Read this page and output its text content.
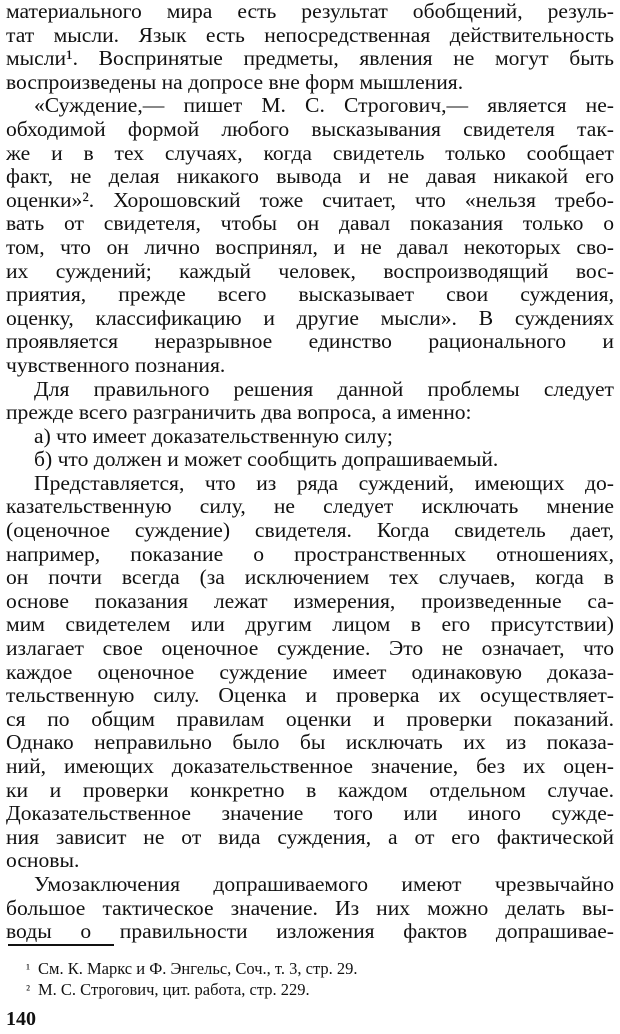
материального мира есть результат обобщений, резуль-
тат мысли. Язык есть непосредственная действительность
мысли¹. Воспринятые предметы, явления не могут быть
воспроизведены на допросе вне форм мышления.
«Суждение,— пишет М. С. Строгович,— является не-
обходимой формой любого высказывания свидетеля так-
же и в тех случаях, когда свидетель только сообщает
факт, не делая никакого вывода и не давая никакой его
оценки»². Хорошовский тоже считает, что «нельзя требо-
вать от свидетеля, чтобы он давал показания только о
том, что он лично воспринял, и не давал некоторых сво-
их суждений; каждый человек, воспроизводящий вос-
приятия, прежде всего высказывает свои суждения,
оценку, классификацию и другие мысли». В суждениях
проявляется неразрывное единство рационального и
чувственного познания.
Для правильного решения данной проблемы следует
прежде всего разграничить два вопроса, а именно:
а) что имеет доказательственную силу;
б) что должен и может сообщить допрашиваемый.
Представляется, что из ряда суждений, имеющих до-
казательственную силу, не следует исключать мнение
(оценочное суждение) свидетеля. Когда свидетель дает,
например, показание о пространственных отношениях,
он почти всегда (за исключением тех случаев, когда в
основе показания лежат измерения, произведенные са-
мим свидетелем или другим лицом в его присутствии)
излагает свое оценочное суждение. Это не означает, что
каждое оценочное суждение имеет одинаковую доказа-
тельственную силу. Оценка и проверка их осуществляет-
ся по общим правилам оценки и проверки показаний.
Однако неправильно было бы исключать их из показа-
ний, имеющих доказательственное значение, без их оцен-
ки и проверки конкретно в каждом отдельном случае.
Доказательственное значение того или иного сужде-
ния зависит не от вида суждения, а от его фактической
основы.
Умозаключения допрашиваемого имеют чрезвычайно
большое тактическое значение. Из них можно делать вы-
воды о правильности изложения фактов допрашивае-
¹ См. К. Маркс и Ф. Энгельс, Соч., т. 3, стр. 29.
² М. С. Строгович, цит. работа, стр. 229.
140
